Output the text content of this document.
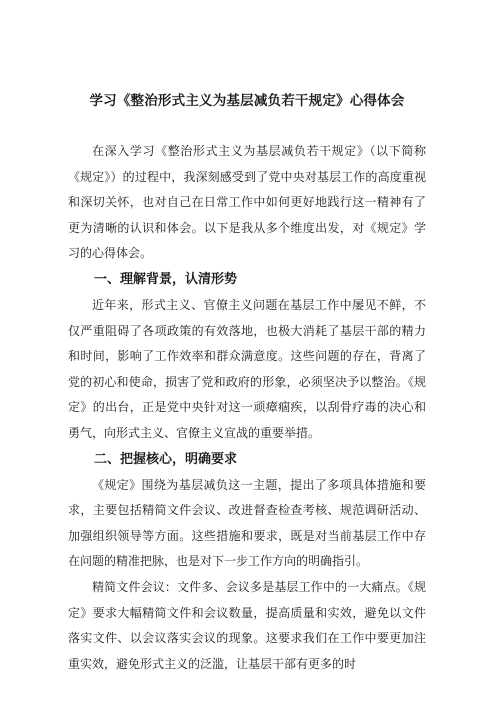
学习《整治形式主义为基层减负若干规定》心得体会

在深入学习《整治形式主义为基层减负若干规定》（以下简称《规定》）的过程中，我深刻感受到了党中央对基层工作的高度重视和深切关怀，也对自己在日常工作中如何更好地践行这一精神有了更为清晰的认识和体会。以下是我从多个维度出发，对《规定》学习的心得体会。

一、理解背景，认清形势

近年来，形式主义、官僚主义问题在基层工作中屡见不鲜，不仅严重阻碍了各项政策的有效落地，也极大消耗了基层干部的精力和时间，影响了工作效率和群众满意度。这些问题的存在，背离了党的初心和使命，损害了党和政府的形象，必须坚决予以整治。《规定》的出台，正是党中央针对这一顽瘴痼疾，以刮骨疗毒的决心和勇气，向形式主义、官僚主义宣战的重要举措。

二、把握核心，明确要求

《规定》围绕为基层减负这一主题，提出了多项具体措施和要求，主要包括精简文件会议、改进督查检查考核、规范调研活动、加强组织领导等方面。这些措施和要求，既是对当前基层工作中存在问题的精准把脉，也是对下一步工作方向的明确指引。

精简文件会议：文件多、会议多是基层工作中的一大痛点。《规定》要求大幅精简文件和会议数量，提高质量和实效，避免以文件落实文件、以会议落实会议的现象。这要求我们在工作中要更加注重实效，避免形式主义的泛滥，让基层干部有更多的时
